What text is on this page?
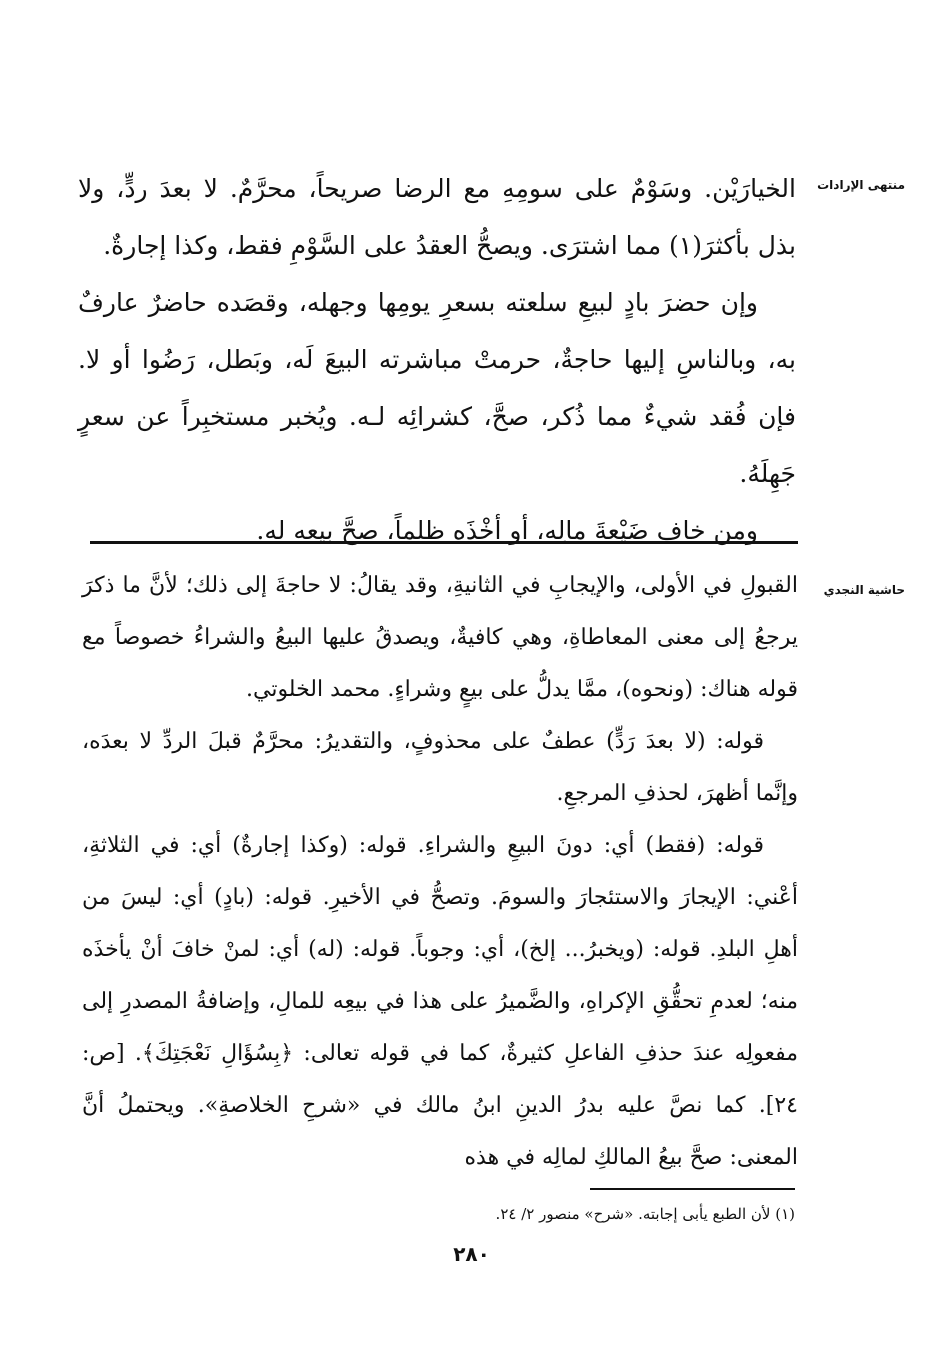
منتهى الإرادات

الخيارَيْن. وسَوْمٌ على سومِهِ مع الرضا صريحاً، محرَّمٌ. لا بعدَ ردٍّ، ولا بذل بأكثرَ(١) مما اشترَى. ويصحُّ العقدُ على السَّوْمِ فقط، وكذا إجارةٌ.

وإن حضرَ بادٍ لبيعِ سلعته بسعرِ يومِها وجهله، وقصَده حاضرٌ عارفٌ به، وبالناسِ إليها حاجةٌ، حرمتْ مباشرته البيعَ لَه، وبَطل، رَضُوا أو لا. فإن فُقد شيءٌ مما ذُكر، صحَّ، كشرائِه لـه. ويُخبر مستخبِراً عن سعرٍ جَهِلَهُ.

ومن خاف ضَيْعةَ مالِه، أو أخْذَه ظلماً، صحَّ بيعه له.

حاشية النجدي

القبولِ في الأولى، والإيجابِ في الثانيةِ، وقد يقالُ: لا حاجةَ إلى ذلك؛ لأنَّ ما ذكرَ يرجعُ إلى معنى المعاطاةِ، وهي كافيةٌ، ويصدقُ عليها البيعُ والشراءُ خصوصاً مع قوله هناك: (ونحوه)، ممَّا يدلُّ على بيعٍ وشراءٍ. محمد الخلوتي.

قوله: (لا بعدَ رَدٍّ) عطفٌ على محذوفٍ، والتقديرُ: محرَّمٌ قبلَ الردِّ لا بعدَه، وإنَّما أظهرَ، لحذفِ المرجعِ.

قوله: (فقط) أي: دونَ البيعِ والشراءِ. قوله: (وكذا إجارةٌ) أي: في الثلاثةِ، أعْني: الإيجارَ والاستئجارَ والسومَ. وتصحُّ في الأخيرِ. قوله: (بادٍ) أي: ليسَ من أهلِ البلدِ. قوله: (ويخبرُ... إلخ)، أي: وجوباً. قوله: (له) أي: لمنْ خافَ أنْ يأخذَه منه؛ لعدمِ تحقُّقِ الإكراهِ، والضَّميرُ على هذا في بيعِه للمالِ، وإضافةُ المصدرِ إلى مفعولِه عندَ حذفِ الفاعلِ كثيرةٌ، كما في قوله تعالى: ﴿بِسُؤَالِ نَعْجَتِكَ﴾. [ص: ٢٤]. كما نصَّ عليه بدرُ الدينِ ابنُ مالك في «شرحِ الخلاصةِ». ويحتملُ أنَّ المعنى: صحَّ بيعُ المالكِ لمالِه في هذه

(١) لأن الطبع يأبى إجابته. «شرح» منصور ٢/ ٢٤.
٢٨٠
